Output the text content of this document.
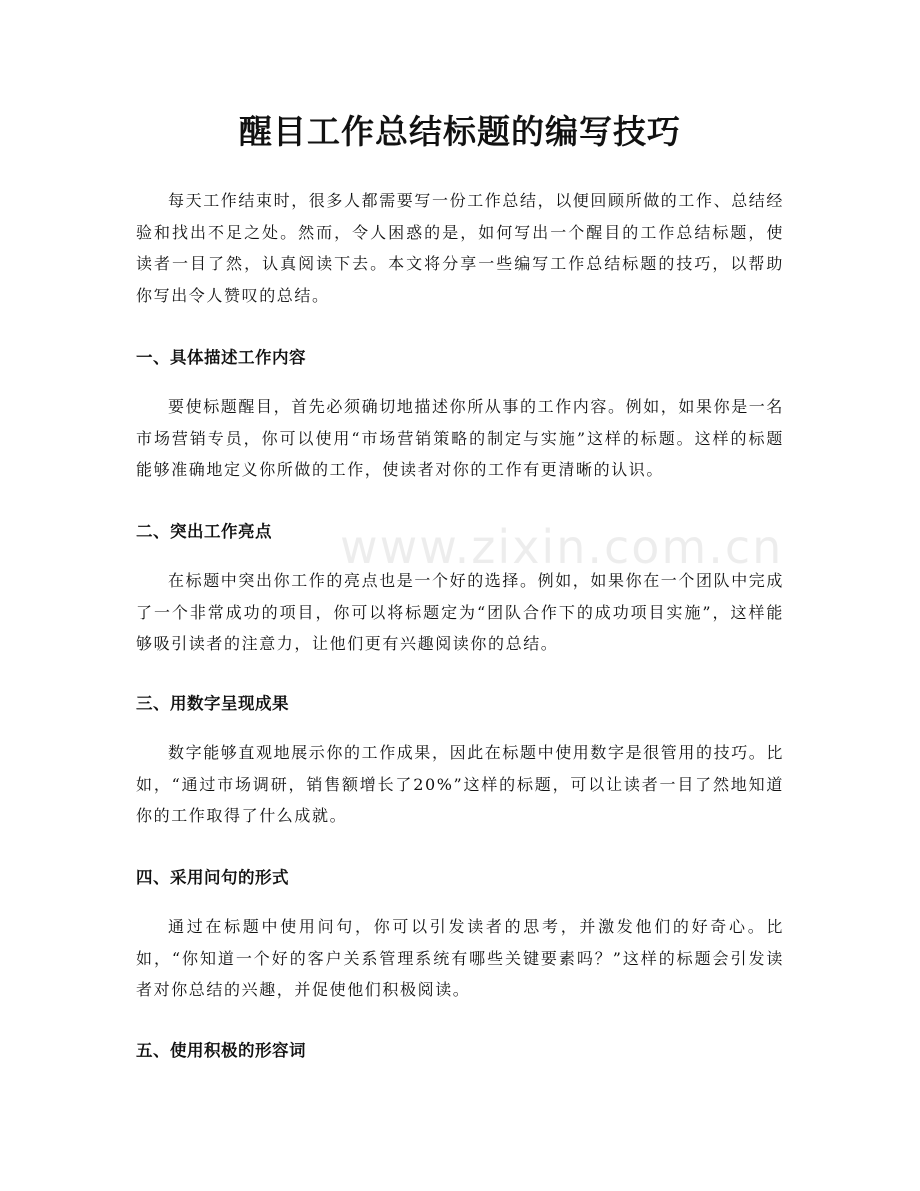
醒目工作总结标题的编写技巧

每天工作结束时，很多人都需要写一份工作总结，以便回顾所做的工作、总结经验和找出不足之处。然而，令人困惑的是，如何写出一个醒目的工作总结标题，使读者一目了然，认真阅读下去。本文将分享一些编写工作总结标题的技巧，以帮助你写出令人赞叹的总结。

一、具体描述工作内容

要使标题醒目，首先必须确切地描述你所从事的工作内容。例如，如果你是一名市场营销专员，你可以使用“市场营销策略的制定与实施”这样的标题。这样的标题能够准确地定义你所做的工作，使读者对你的工作有更清晰的认识。

二、突出工作亮点

在标题中突出你工作的亮点也是一个好的选择。例如，如果你在一个团队中完成了一个非常成功的项目，你可以将标题定为“团队合作下的成功项目实施”，这样能够吸引读者的注意力，让他们更有兴趣阅读你的总结。

三、用数字呈现成果

数字能够直观地展示你的工作成果，因此在标题中使用数字是很管用的技巧。比如，“通过市场调研，销售额增长了20%”这样的标题，可以让读者一目了然地知道你的工作取得了什么成就。

四、采用问句的形式

通过在标题中使用问句，你可以引发读者的思考，并激发他们的好奇心。比如，“你知道一个好的客户关系管理系统有哪些关键要素吗？”这样的标题会引发读者对你总结的兴趣，并促使他们积极阅读。

五、使用积极的形容词
www.zixin.com.cn
